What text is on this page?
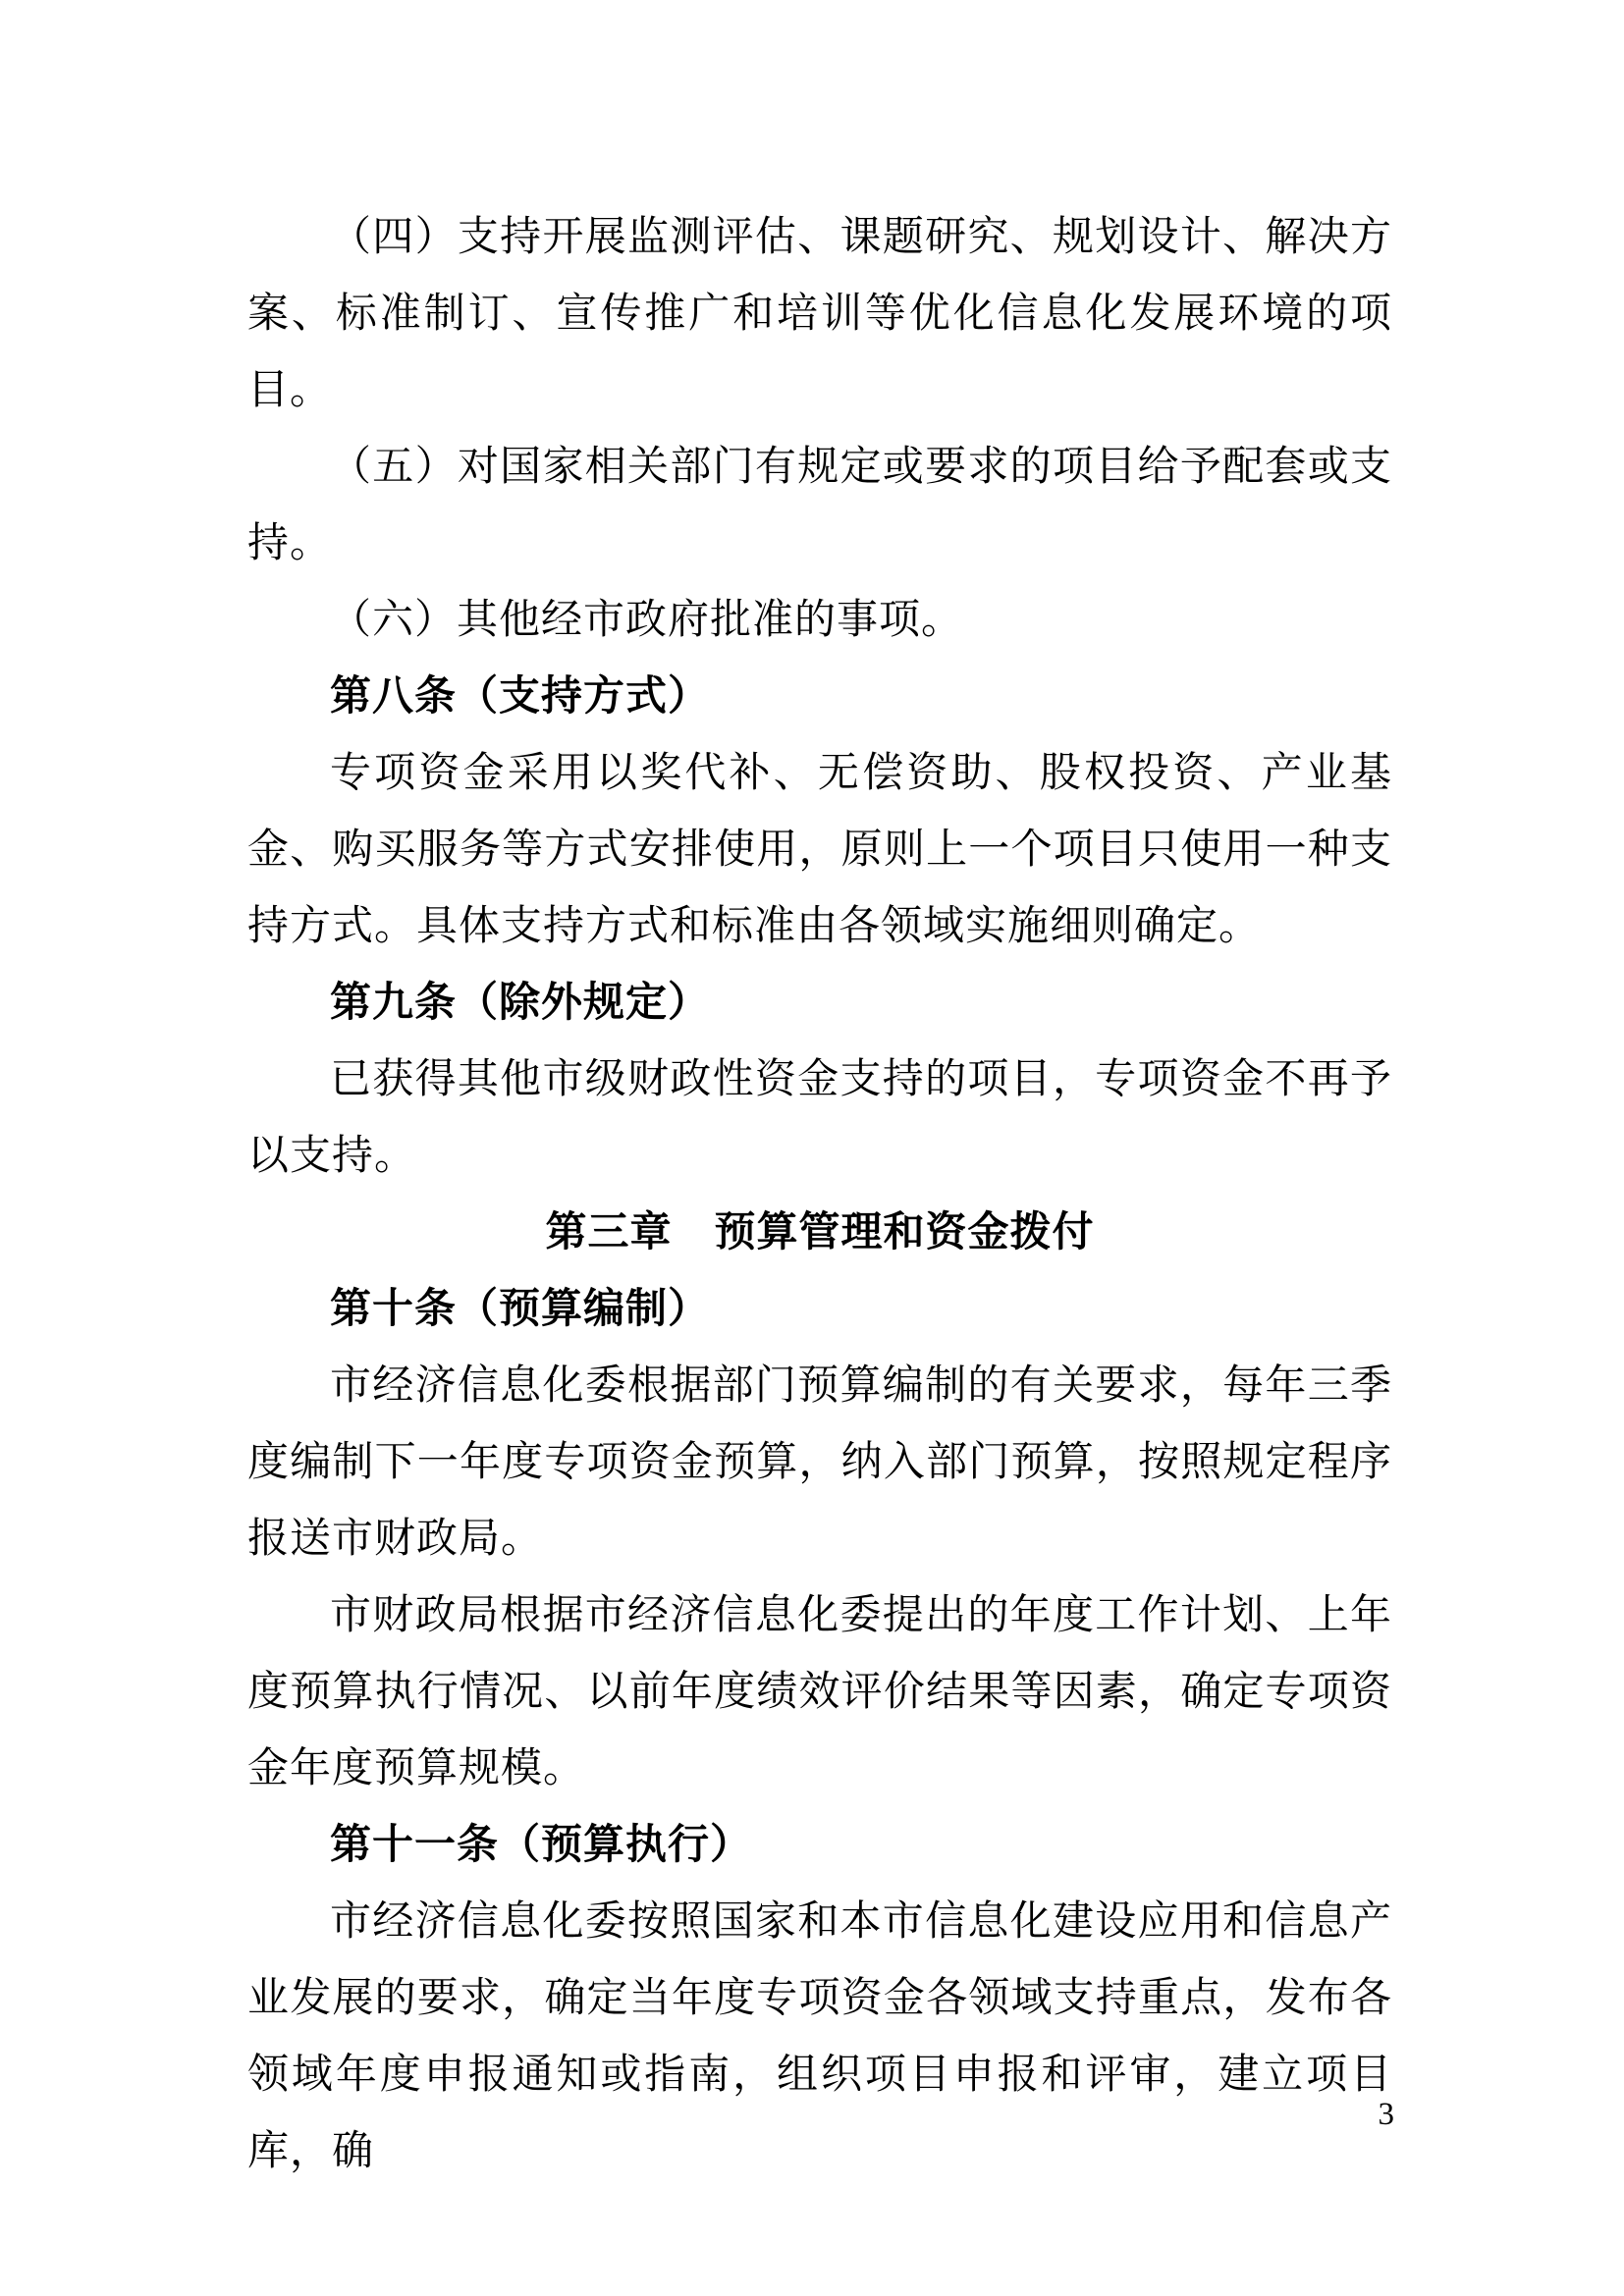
（四）支持开展监测评估、课题研究、规划设计、解决方案、标准制订、宣传推广和培训等优化信息化发展环境的项目。

（五）对国家相关部门有规定或要求的项目给予配套或支持。

（六）其他经市政府批准的事项。

第八条（支持方式）

专项资金采用以奖代补、无偿资助、股权投资、产业基金、购买服务等方式安排使用，原则上一个项目只使用一种支持方式。具体支持方式和标准由各领域实施细则确定。

第九条（除外规定）

已获得其他市级财政性资金支持的项目，专项资金不再予以支持。

第三章　预算管理和资金拨付

第十条（预算编制）

市经济信息化委根据部门预算编制的有关要求，每年三季度编制下一年度专项资金预算，纳入部门预算，按照规定程序报送市财政局。

市财政局根据市经济信息化委提出的年度工作计划、上年度预算执行情况、以前年度绩效评价结果等因素，确定专项资金年度预算规模。

第十一条（预算执行）

市经济信息化委按照国家和本市信息化建设应用和信息产业发展的要求，确定当年度专项资金各领域支持重点，发布各领域年度申报通知或指南，组织项目申报和评审，建立项目库，确

3
